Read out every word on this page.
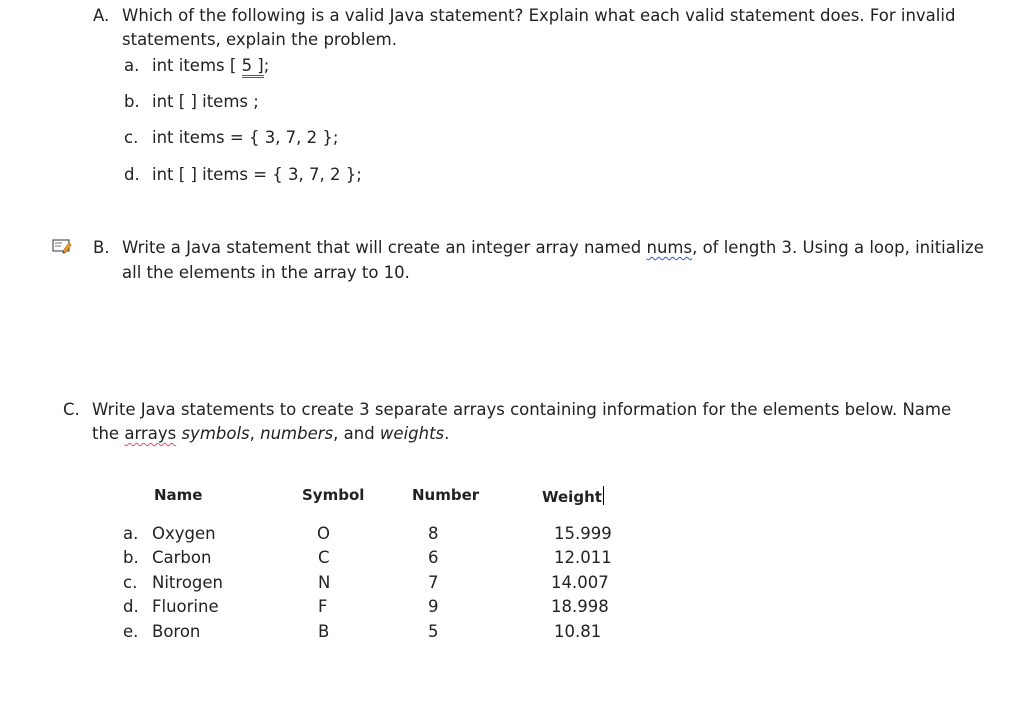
A. Which of the following is a valid Java statement? Explain what each valid statement does. For invalid
statements, explain the problem.
a. int items [ 5 ];
b. int [ ] items ;
c. int items = { 3, 7, 2 };
d. int [ ] items = { 3, 7, 2 };
B. Write a Java statement that will create an integer array named nums, of length 3. Using a loop, initialize
all the elements in the array to 10.
C. Write Java statements to create 3 separate arrays containing information for the elements below. Name
the arrays symbols, numbers, and weights.
Name	Symbol	Number	Weight
a. Oxygen	O	8	15.999
b. Carbon	C	6	12.011
c. Nitrogen	N	7	14.007
d. Fluorine	F	9	18.998
e. Boron	B	5	10.81
